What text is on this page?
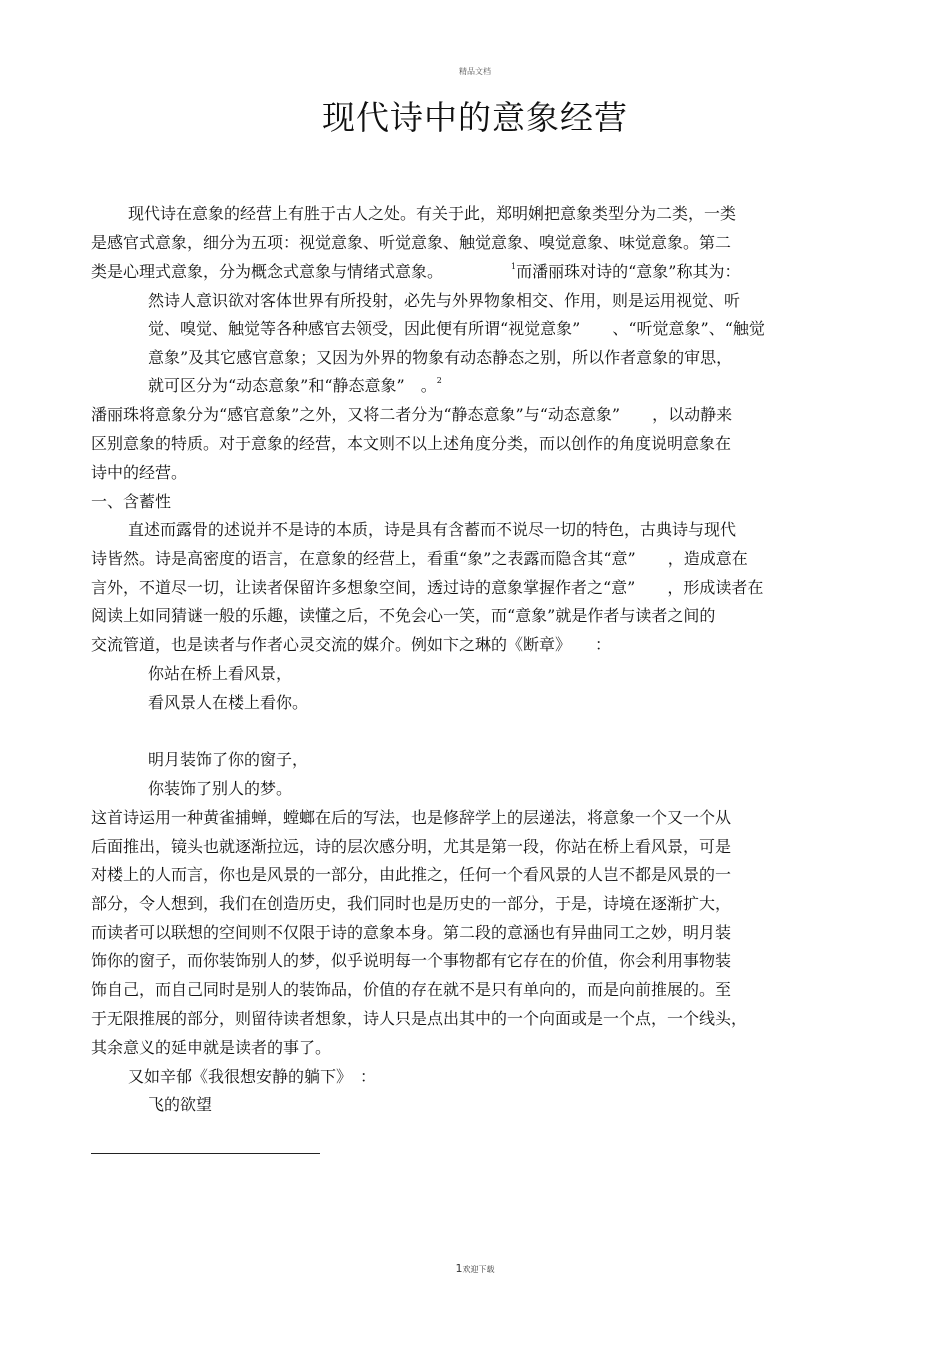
精品文档
现代诗中的意象经营
现代诗在意象的经营上有胜于古人之处。有关于此，郑明娳把意象类型分为二类，一类
是感官式意象，细分为五项：视觉意象、听觉意象、触觉意象、嗅觉意象、味觉意象。第二
类是心理式意象，分为概念式意象与情绪式意象。	$^1$而潘丽珠对诗的“意象”称其为：
然诗人意识欲对客体世界有所投射，必先与外界物象相交、作用，则是运用视觉、听
觉、嗅觉、触觉等各种感官去领受，因此便有所谓“视觉意象”　　、“听觉意象”、“触觉
意象”及其它感官意象；又因为外界的物象有动态静态之别，所以作者意象的审思，
就可区分为“动态意象”和“静态意象”　。$^2$
潘丽珠将意象分为“感官意象”之外，又将二者分为“静态意象”与“动态意象”　　，以动静来
区别意象的特质。对于意象的经营，本文则不以上述角度分类，而以创作的角度说明意象在
诗中的经营。
一、含蓄性
直述而露骨的述说并不是诗的本质，诗是具有含蓄而不说尽一切的特色，古典诗与现代
诗皆然。诗是高密度的语言，在意象的经营上，看重“象”之表露而隐含其“意”　　，造成意在
言外，不道尽一切，让读者保留许多想象空间，透过诗的意象掌握作者之“意”　　，形成读者在
阅读上如同猜谜一般的乐趣，读懂之后，不免会心一笑，而“意象”就是作者与读者之间的
交流管道，也是读者与作者心灵交流的媒介。例如卞之琳的《断章》　　：
你站在桥上看风景，
看风景人在楼上看你。
明月装饰了你的窗子，
你装饰了别人的梦。
这首诗运用一种黄雀捕蝉，螳螂在后的写法，也是修辞学上的层递法，将意象一个又一个从
后面推出，镜头也就逐渐拉远，诗的层次感分明，尤其是第一段，你站在桥上看风景，可是
对楼上的人而言，你也是风景的一部分，由此推之，任何一个看风景的人岂不都是风景的一
部分，令人想到，我们在创造历史，我们同时也是历史的一部分，于是，诗境在逐渐扩大，
而读者可以联想的空间则不仅限于诗的意象本身。第二段的意涵也有异曲同工之妙，明月装
饰你的窗子，而你装饰别人的梦，似乎说明每一个事物都有它存在的价值，你会利用事物装
饰自己，而自己同时是别人的装饰品，价值的存在就不是只有单向的，而是向前推展的。至
于无限推展的部分，则留待读者想象，诗人只是点出其中的一个向面或是一个点，一个线头，
其余意义的延申就是读者的事了。
又如辛郁《我很想安静的躺下》　：
飞的欲望
1欢迎下载
